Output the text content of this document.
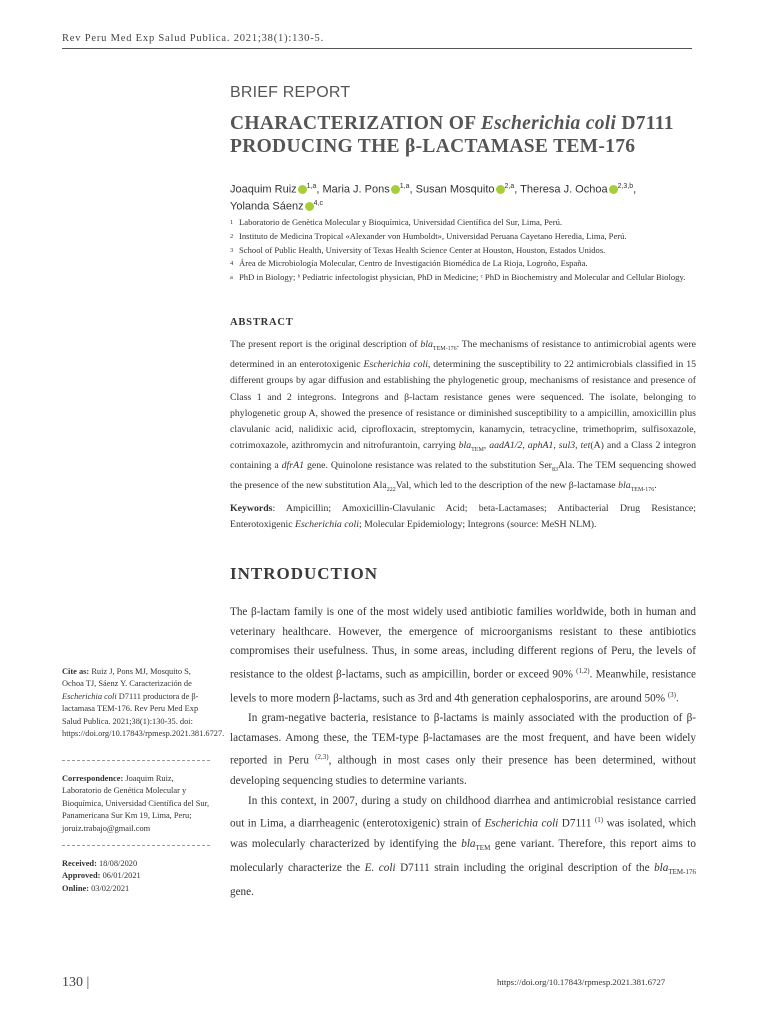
Rev Peru Med Exp Salud Publica. 2021;38(1):130-5.
BRIEF REPORT
CHARACTERIZATION OF Escherichia coli D7111
PRODUCING THE β-LACTAMASE TEM-176
Joaquim Ruiz $^{1,a}$, Maria J. Pons $^{1,a}$, Susan Mosquito $^{2,a}$, Theresa J. Ochoa $^{2,3,b}$,
Yolanda Sáenz $^{4,c}$
1 Laboratorio de Genètica Molecular y Bioquímica, Universidad Científica del Sur, Lima, Perú.
2 Instituto de Medicina Tropical «Alexander von Humboldt», Universidad Peruana Cayetano Heredia, Lima, Perú.
3 School of Public Health, University of Texas Health Science Center at Houston, Houston, Estados Unidos.
4 Área de Microbiología Molecular, Centro de Investigación Biomédica de La Rioja, Logroño, España.
a PhD in Biology; ᵇ Pediatric infectologist physician, PhD in Medicine; ᶜ PhD in Biochemistry and Molecular and Cellular Biology.
ABSTRACT
The present report is the original description of bla$_{TEM-176}$. The mechanisms of resistance to antimicrobial agents were determined in an enterotoxigenic Escherichia coli, determining the susceptibility to 22 antimicrobials classified in 15 different groups by agar diffusion and establishing the phylogenetic group, mechanisms of resistance and presence of Class 1 and 2 integrons. Integrons and β-lactam resistance genes were sequenced. The isolate, belonging to phylogenetic group A, showed the presence of resistance or diminished susceptibility to a ampicillin, amoxicillin plus clavulanic acid, nalidixic acid, ciprofloxacin, streptomycin, kanamycin, tetracycline, trimethoprim, sulfisoxazole, cotrimoxazole, azithromycin and nitrofurantoin, carrying bla$_{TEM}$, aadA1/2, aphA1, sul3, tet(A) and a Class 2 integron containing a dfrA1 gene. Quinolone resistance was related to the substitution Ser$_{83}$Ala. The TEM sequencing showed the presence of the new substitution Ala$_{222}$Val, which led to the description of the new β-lactamase bla$_{TEM-176}$.
Keywords: Ampicillin; Amoxicillin-Clavulanic Acid; beta-Lactamases; Antibacterial Drug Resistance; Enterotoxigenic Escherichia coli; Molecular Epidemiology; Integrons (source: MeSH NLM).
INTRODUCTION

The β-lactam family is one of the most widely used antibiotic families worldwide, both in human and veterinary healthcare. However, the emergence of microorganisms resistant to these antibiotics compromises their usefulness. Thus, in some areas, including different regions of Peru, the levels of resistance to the oldest β-lactams, such as ampicillin, border or exceed 90% $^{(1,2)}$. Meanwhile, resistance levels to more modern β-lactams, such as 3rd and 4th generation cephalosporins, are around 50% $^{(3)}$.

In gram-negative bacteria, resistance to β-lactams is mainly associated with the production of β-lactamases. Among these, the TEM-type β-lactamases are the most frequent, and have been widely reported in Peru $^{(2,3)}$, although in most cases only their presence has been determined, without developing sequencing studies to determine variants.

In this context, in 2007, during a study on childhood diarrhea and antimicrobial resistance carried out in Lima, a diarrheagenic (enterotoxigenic) strain of Escherichia coli D7111 $^{(1)}$ was isolated, which was molecularly characterized by identifying the bla$_{TEM}$ gene variant. Therefore, this report aims to molecularly characterize the E. coli D7111 strain including the original description of the bla$_{TEM-176}$ gene.

Cite as: Ruiz J, Pons MJ, Mosquito S, Ochoa TJ, Sáenz Y. Caracterización de Escherichia coli D7111 productora de β-lactamasa TEM-176. Rev Peru Med Exp Salud Publica. 2021;38(1):130-35. doi: https://doi.org/10.17843/rpmesp.2021.381.6727.
Correspondence: Joaquim Ruiz, Laboratorio de Genética Molecular y Bioquímica, Universidad Científica del Sur, Panamericana Sur Km 19, Lima, Peru; joruiz.trabajo@gmail.com
Received: 18/08/2020
Approved: 06/01/2021
Online: 03/02/2021
130 |	https://doi.org/10.17843/rpmesp.2021.381.6727
